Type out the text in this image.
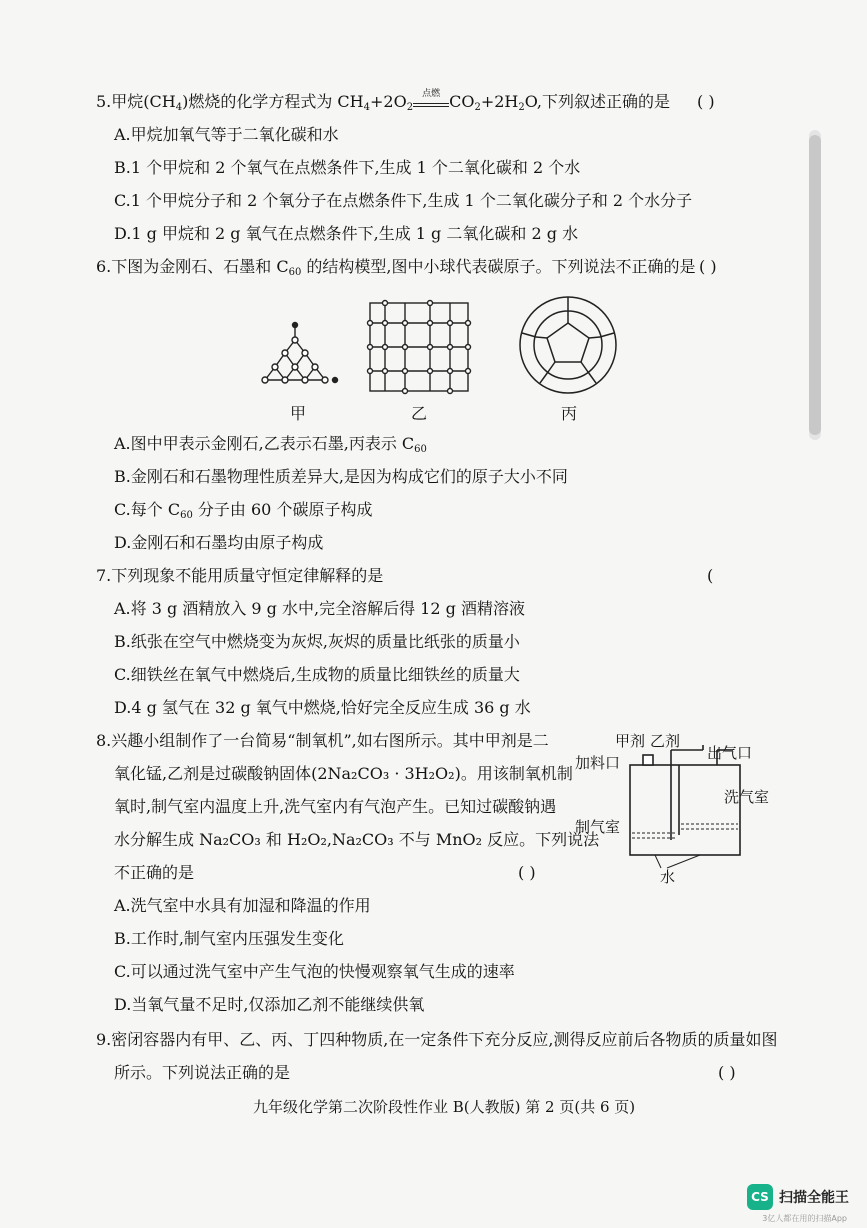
5.甲烷$(CH_4)$燃烧的化学方程式为 $CH_4+2O_2$
点燃 $CO_2+2H_2O$,下列叙述正确的是 ( )
A.甲烷加氧气等于二氧化碳和水
B.1 个甲烷和 2 个氧气在点燃条件下,生成 1 个二氧化碳和 2 个水
C.1 个甲烷分子和 2 个氧分子在点燃条件下,生成 1 个二氧化碳分子和 2 个水分子
D.1 g 甲烷和 2 g 氧气在点燃条件下,生成 1 g 二氧化碳和 2 g 水
6.下图为金刚石、石墨和 $C_{60}$ 的结构模型,图中小球代表碳原子。下列说法不正确的是 ( )
甲	乙	丙
A.图中甲表示金刚石,乙表示石墨,丙表示 $C_{60}$
B.金刚石和石墨物理性质差异大,是因为构成它们的原子大小不同
C.每个 $C_{60}$ 分子由 60 个碳原子构成
D.金刚石和石墨均由原子构成
7.下列现象不能用质量守恒定律解释的是	(
A.将 3 g 酒精放入 9 g 水中,完全溶解后得 12 g 酒精溶液
B.纸张在空气中燃烧变为灰烬,灰烬的质量比纸张的质量小
C.细铁丝在氧气中燃烧后,生成物的质量比细铁丝的质量大
D.4 g 氢气在 32 g 氧气中燃烧,恰好完全反应生成 36 g 水
8.兴趣小组制作了一台简易“制氧机”,如右图所示。其中甲剂是二
氧化锰,乙剂是过碳酸钠固体(2Na₂CO₃ · 3H₂O₂)。用该制氧机制
氧时,制气室内温度上升,洗气室内有气泡产生。已知过碳酸钠遇
水分解生成 Na₂CO₃ 和 H₂O₂,Na₂CO₃ 不与 MnO₂ 反应。下列说法
不正确的是	( )
甲剂 乙剂
加料口
出气口
洗气室
制气室
水
A.洗气室中水具有加湿和降温的作用
B.工作时,制气室内压强发生变化
C.可以通过洗气室中产生气泡的快慢观察氧气生成的速率
D.当氧气量不足时,仅添加乙剂不能继续供氧
9.密闭容器内有甲、乙、丙、丁四种物质,在一定条件下充分反应,测得反应前后各物质的质量如图
所示。下列说法正确的是	( )
九年级化学第二次阶段性作业 B(人教版) 第 2 页(共 6 页)
CS 扫描全能王
3亿人都在用的扫描App
